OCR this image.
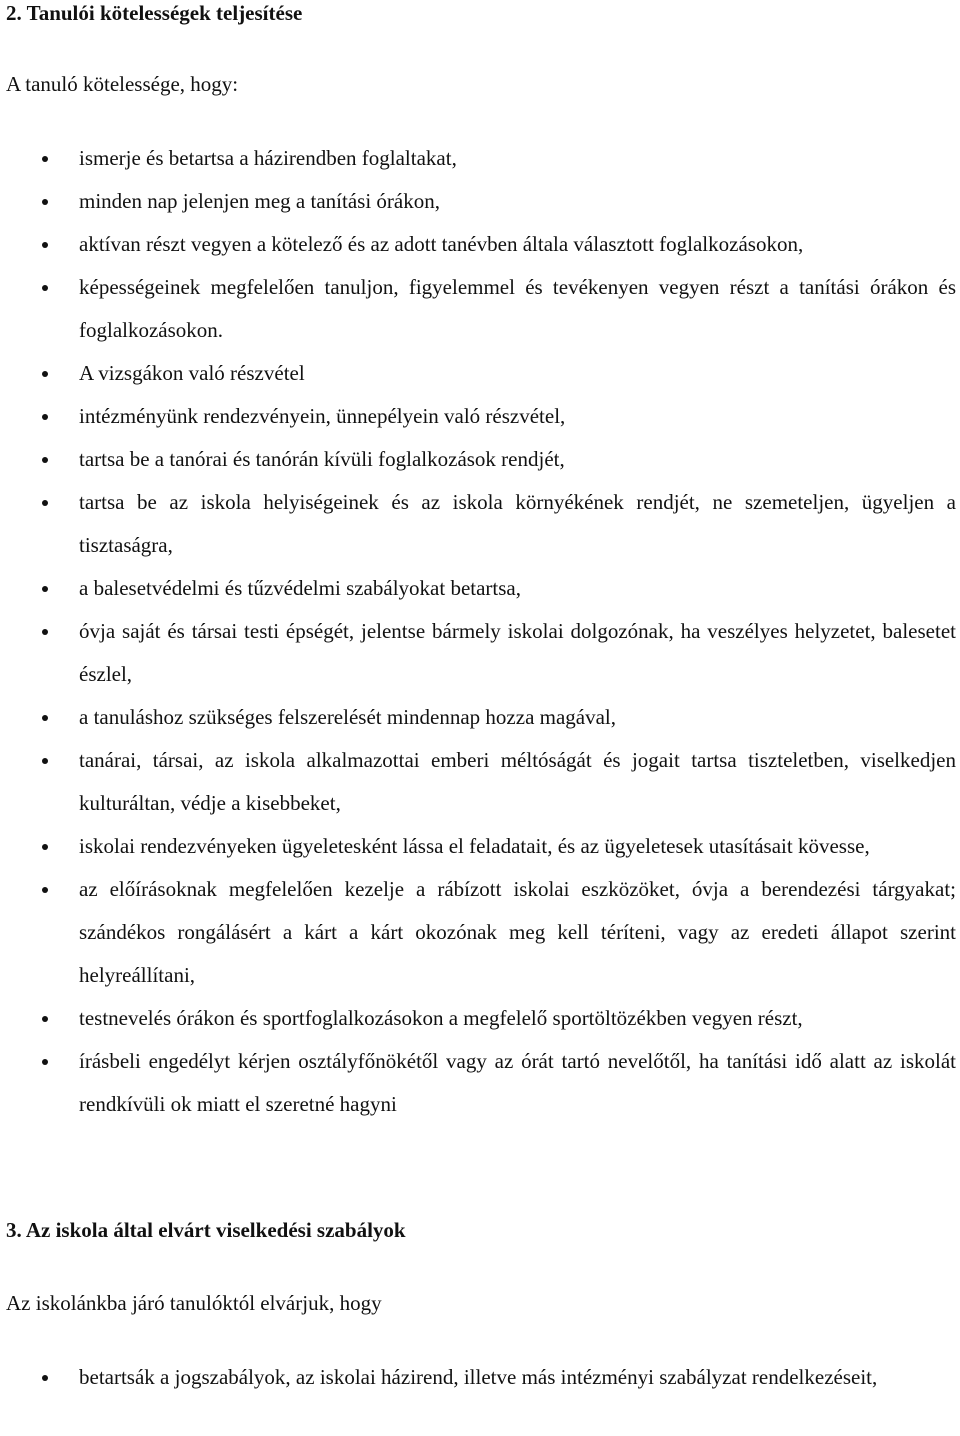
2. Tanulói kötelességek teljesítése

A tanuló kötelessége, hogy:

ismerje és betartsa a házirendben foglaltakat,
minden nap jelenjen meg a tanítási órákon,
aktívan részt vegyen a kötelező és az adott tanévben általa választott foglalkozásokon,
képességeinek megfelelően tanuljon, figyelemmel és tevékenyen vegyen részt a tanítási órákon és foglalkozásokon.
A vizsgákon való részvétel
intézményünk rendezvényein, ünnepélyein való részvétel,
tartsa be a tanórai és tanórán kívüli foglalkozások rendjét,
tartsa be az iskola helyiségeinek és az iskola környékének rendjét, ne szemeteljen, ügyeljen a tisztaságra,
a balesetvédelmi és tűzvédelmi szabályokat betartsa,
óvja saját és társai testi épségét, jelentse bármely iskolai dolgozónak, ha veszélyes helyzetet, balesetet észlel,
a tanuláshoz szükséges felszerelését mindennap hozza magával,
tanárai, társai, az iskola alkalmazottai emberi méltóságát és jogait tartsa tiszteletben, viselkedjen kulturáltan, védje a kisebbeket,
iskolai rendezvényeken ügyeletesként lássa el feladatait, és az ügyeletesek utasításait kövesse,
az előírásoknak megfelelően kezelje a rábízott iskolai eszközöket, óvja a berendezési tárgyakat; szándékos rongálásért a kárt a kárt okozónak meg kell téríteni, vagy az eredeti állapot szerint helyreállítani,
testnevelés órákon és sportfoglalkozásokon a megfelelő sportöltözékben vegyen részt,
írásbeli engedélyt kérjen osztályfőnökétől vagy az órát tartó nevelőtől, ha tanítási idő alatt az iskolát rendkívüli ok miatt el szeretné hagyni
3. Az iskola által elvárt viselkedési szabályok

Az iskolánkba járó tanulóktól elvárjuk, hogy

betartsák a jogszabályok, az iskolai házirend, illetve más intézményi szabályzat rendelkezéseit,
